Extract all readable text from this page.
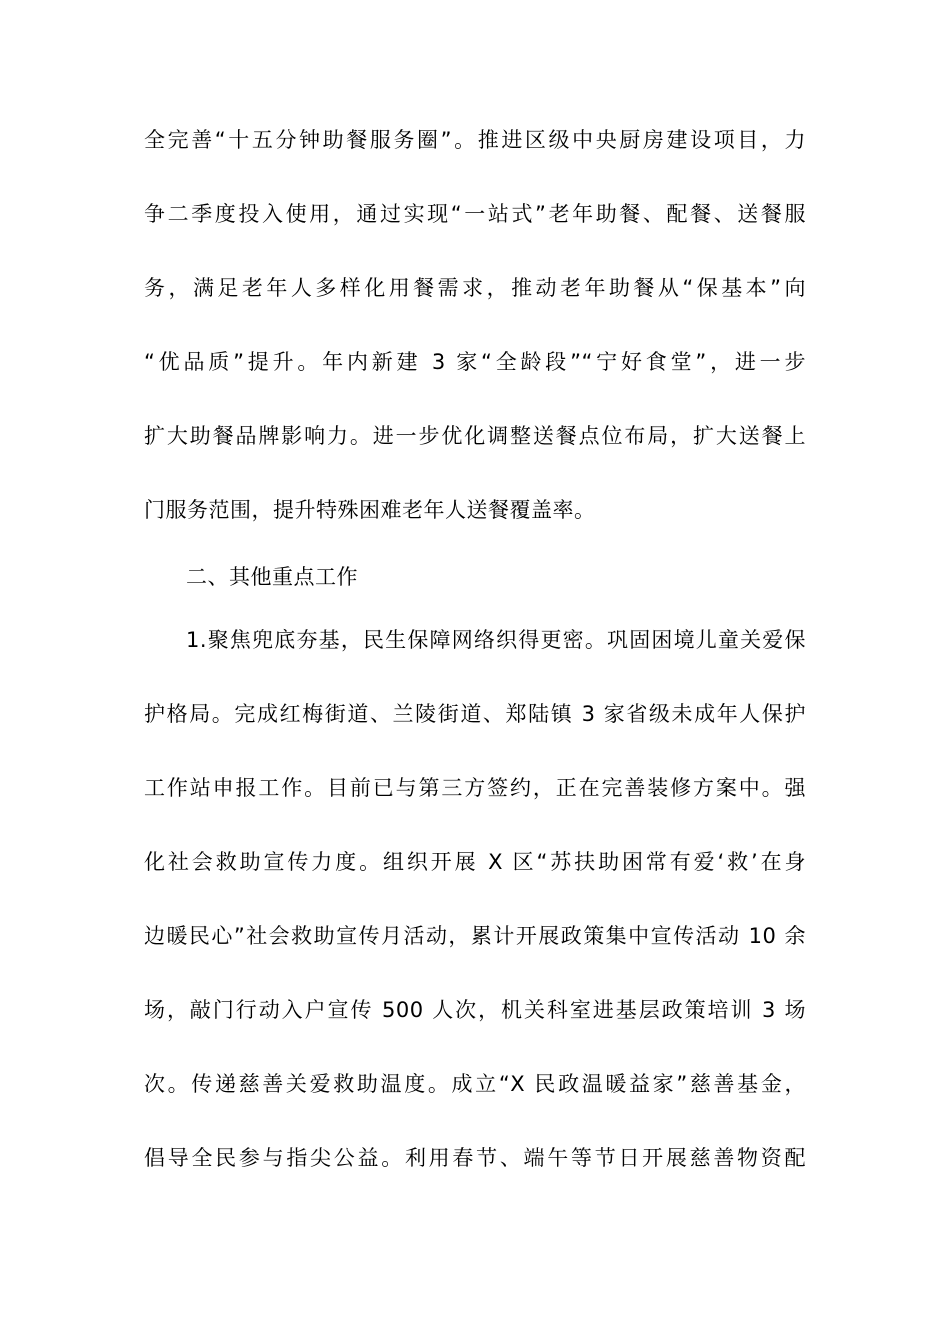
全完善“十五分钟助餐服务圈”。推进区级中央厨房建设项目，力
争二季度投入使用，通过实现“一站式”老年助餐、配餐、送餐服
务，满足老年人多样化用餐需求，推动老年助餐从“保基本”向
“优品质”提升。年内新建 3 家“全龄段”“宁好食堂”，进一步
扩大助餐品牌影响力。进一步优化调整送餐点位布局，扩大送餐上
门服务范围，提升特殊困难老年人送餐覆盖率。
二、其他重点工作
1.聚焦兜底夯基，民生保障网络织得更密。巩固困境儿童关爱保
护格局。完成红梅街道、兰陵街道、郑陆镇 3 家省级未成年人保护
工作站申报工作。目前已与第三方签约，正在完善装修方案中。强
化社会救助宣传力度。组织开展 X 区“苏扶助困常有爱‘救’在身
边暖民心”社会救助宣传月活动，累计开展政策集中宣传活动 10 余
场，敲门行动入户宣传 500 人次，机关科室进基层政策培训 3 场
次。传递慈善关爱救助温度。成立“X 民政温暖益家”慈善基金，
倡导全民参与指尖公益。利用春节、端午等节日开展慈善物资配
